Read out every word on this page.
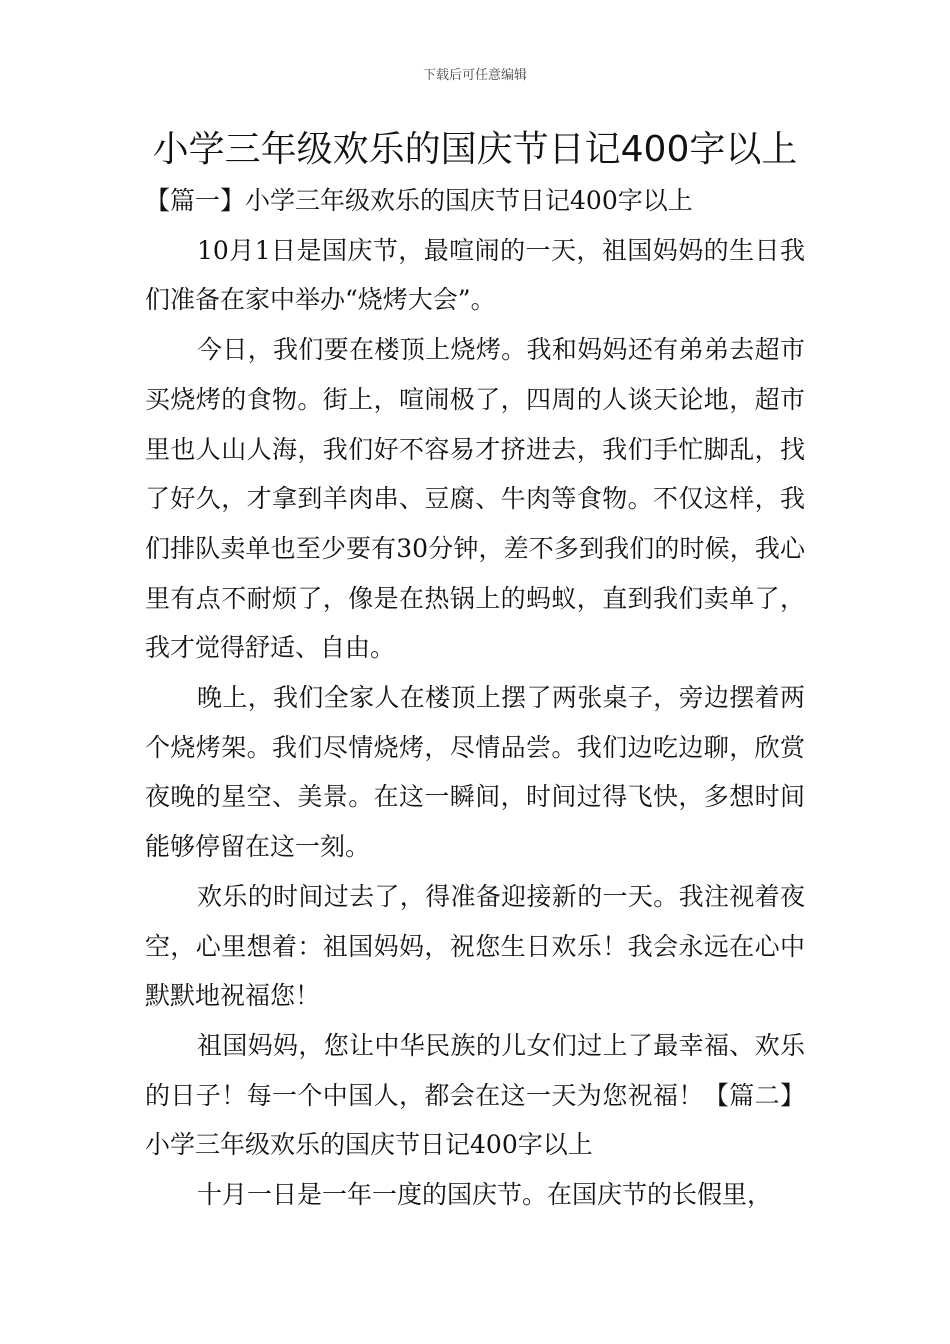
下载后可任意编辑
小学三年级欢乐的国庆节日记400字以上

【篇一】小学三年级欢乐的国庆节日记400字以上

10月1日是国庆节，最喧闹的一天，祖国妈妈的生日我们准备在家中举办“烧烤大会”。

今日，我们要在楼顶上烧烤。我和妈妈还有弟弟去超市买烧烤的食物。街上，喧闹极了，四周的人谈天论地，超市里也人山人海，我们好不容易才挤进去，我们手忙脚乱，找了好久，才拿到羊肉串、豆腐、牛肉等食物。不仅这样，我们排队卖单也至少要有30分钟，差不多到我们的时候，我心里有点不耐烦了，像是在热锅上的蚂蚁，直到我们卖单了，我才觉得舒适、自由。

晚上，我们全家人在楼顶上摆了两张桌子，旁边摆着两个烧烤架。我们尽情烧烤，尽情品尝。我们边吃边聊，欣赏夜晚的星空、美景。在这一瞬间，时间过得飞快，多想时间能够停留在这一刻。

欢乐的时间过去了，得准备迎接新的一天。我注视着夜空，心里想着：祖国妈妈，祝您生日欢乐！我会永远在心中默默地祝福您！

祖国妈妈，您让中华民族的儿女们过上了最幸福、欢乐的日子！每一个中国人，都会在这一天为您祝福！【篇二】小学三年级欢乐的国庆节日记400字以上

十月一日是一年一度的国庆节。在国庆节的长假里，
